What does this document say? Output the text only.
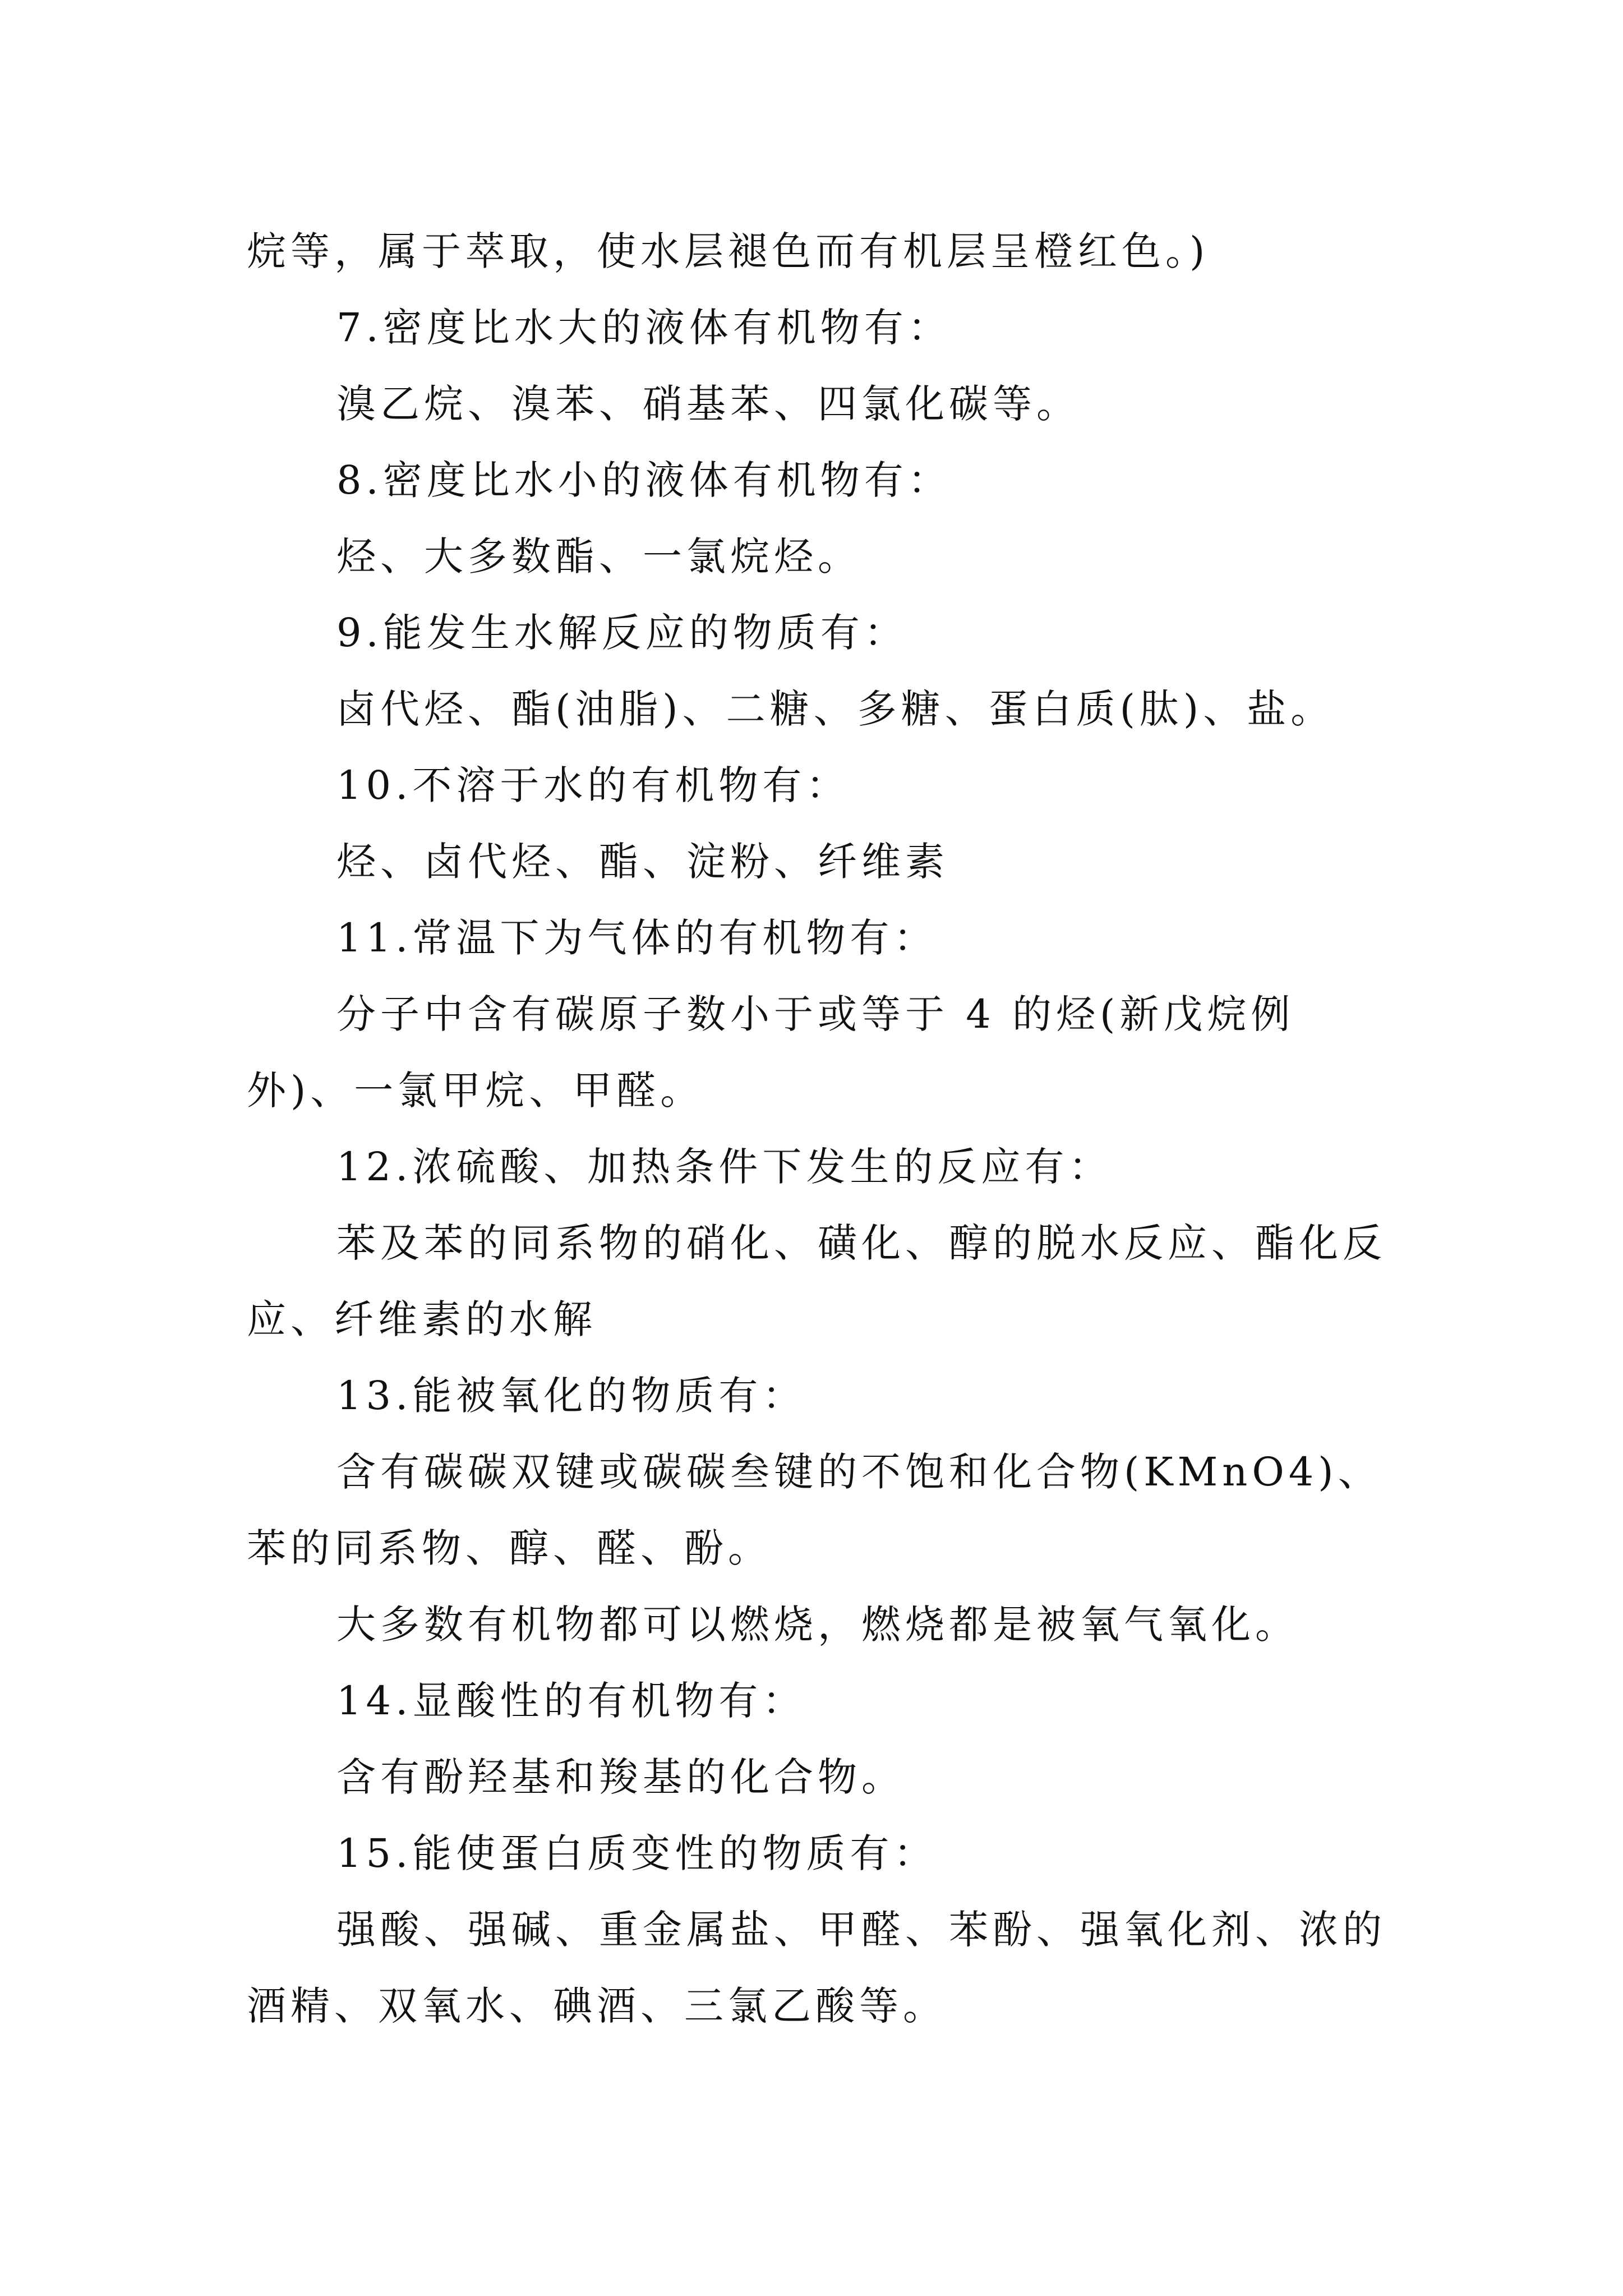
烷等，属于萃取，使水层褪色而有机层呈橙红色。)

7.密度比水大的液体有机物有：

溴乙烷、溴苯、硝基苯、四氯化碳等。

8.密度比水小的液体有机物有：

烃、大多数酯、一氯烷烃。

9.能发生水解反应的物质有：

卤代烃、酯(油脂)、二糖、多糖、蛋白质(肽)、盐。

10.不溶于水的有机物有：

烃、卤代烃、酯、淀粉、纤维素

11.常温下为气体的有机物有：

分子中含有碳原子数小于或等于 4 的烃(新戊烷例外)、一氯甲烷、甲醛。

12.浓硫酸、加热条件下发生的反应有：

苯及苯的同系物的硝化、磺化、醇的脱水反应、酯化反应、纤维素的水解

13.能被氧化的物质有：

含有碳碳双键或碳碳叁键的不饱和化合物(KMnO4)、苯的同系物、醇、醛、酚。

大多数有机物都可以燃烧，燃烧都是被氧气氧化。

14.显酸性的有机物有：

含有酚羟基和羧基的化合物。

15.能使蛋白质变性的物质有：

强酸、强碱、重金属盐、甲醛、苯酚、强氧化剂、浓的酒精、双氧水、碘酒、三氯乙酸等。
